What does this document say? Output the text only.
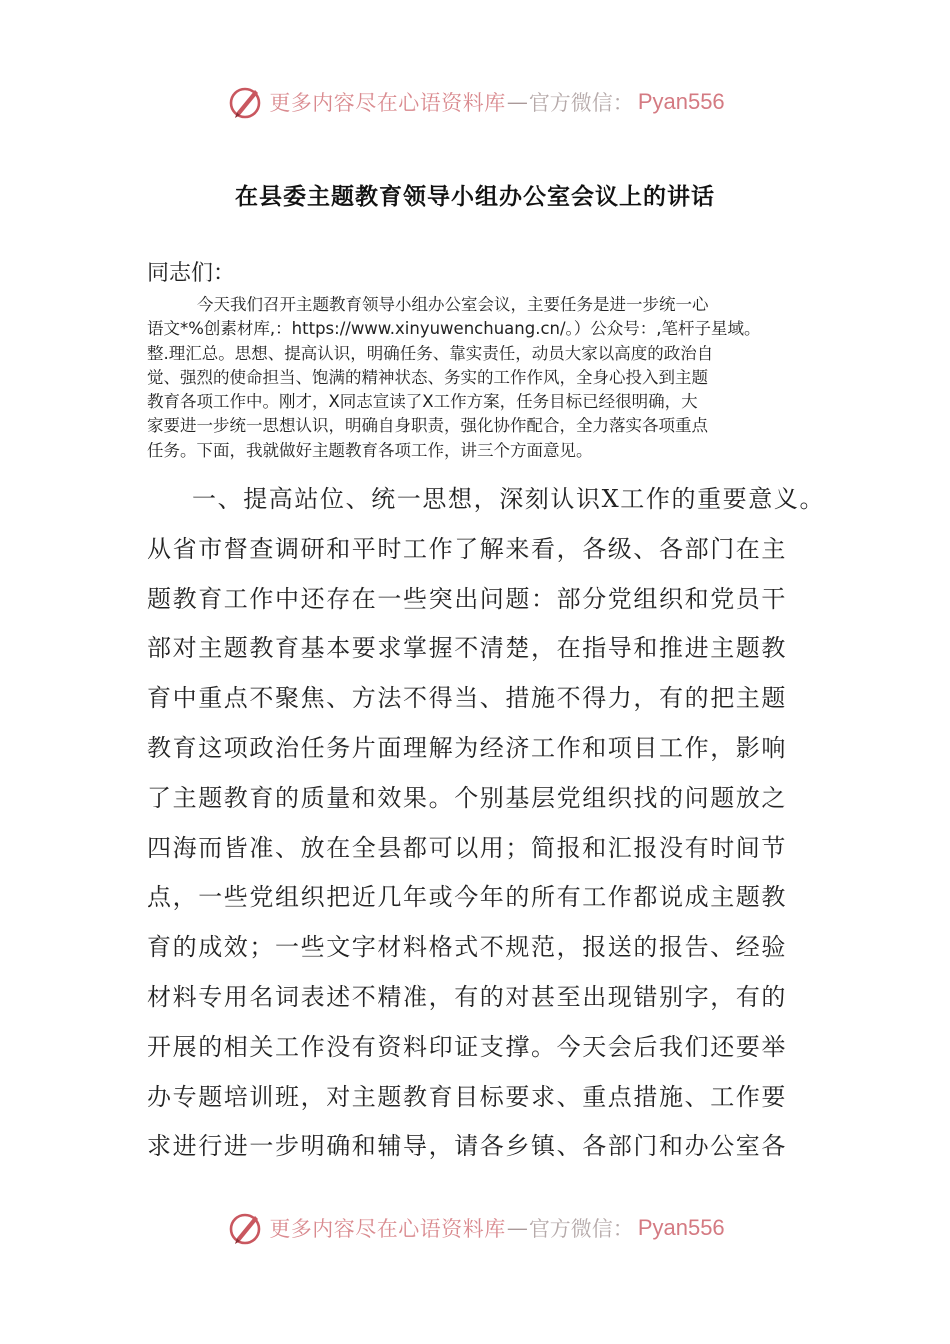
更多内容尽在心语资料库 — 官方微信： Pyan556
在县委主题教育领导小组办公室会议上的讲话
同志们：
今天我们召开主题教育领导小组办公室会议，主要任务是进一步统一心
语文*%创素材库,：https://www.xinyuwenchuang.cn/。）公众号：,笔杆子星域。
整.理汇总。思想、提高认识，明确任务、靠实责任，动员大家以高度的政治自
觉、强烈的使命担当、饱满的精神状态、务实的工作作风，全身心投入到主题
教育各项工作中。刚才，X同志宣读了X工作方案，任务目标已经很明确，大
家要进一步统一思想认识，明确自身职责，强化协作配合，全力落实各项重点
任务。下面，我就做好主题教育各项工作，讲三个方面意见。
一、提高站位、统一思想，深刻认识X工作的重要意义。
从省市督查调研和平时工作了解来看，各级、各部门在主
题教育工作中还存在一些突出问题：部分党组织和党员干
部对主题教育基本要求掌握不清楚，在指导和推进主题教
育中重点不聚焦、方法不得当、措施不得力，有的把主题
教育这项政治任务片面理解为经济工作和项目工作，影响
了主题教育的质量和效果。个别基层党组织找的问题放之
四海而皆准、放在全县都可以用；简报和汇报没有时间节
点，一些党组织把近几年或今年的所有工作都说成主题教
育的成效；一些文字材料格式不规范，报送的报告、经验
材料专用名词表述不精准，有的对甚至出现错别字，有的
开展的相关工作没有资料印证支撑。今天会后我们还要举
办专题培训班，对主题教育目标要求、重点措施、工作要
求进行进一步明确和辅导，请各乡镇、各部门和办公室各
更多内容尽在心语资料库 — 官方微信： Pyan556
